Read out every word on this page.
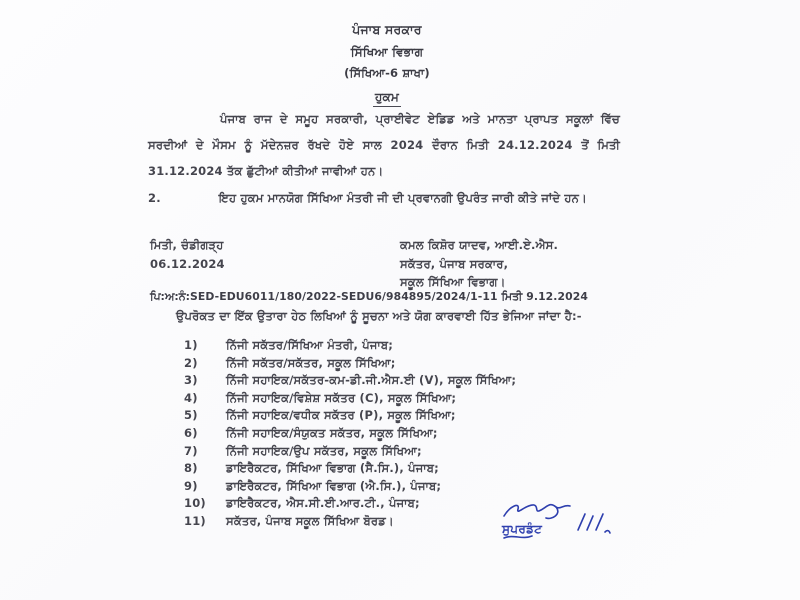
ਪੰਜਾਬ ਸਰਕਾਰ
ਸਿੱਖਿਆ ਵਿਭਾਗ
(ਸਿੱਖਿਆ-6 ਸ਼ਾਖਾ)
ਹੁਕਮ

ਪੰਜਾਬ ਰਾਜ ਦੇ ਸਮੂਹ ਸਰਕਾਰੀ, ਪ੍ਰਾਈਵੇਟ ਏਡਿਡ ਅਤੇ ਮਾਨਤਾ ਪ੍ਰਾਪਤ ਸਕੂਲਾਂ ਵਿੱਚ ਸਰਦੀਆਂ ਦੇ ਮੌਸਮ ਨੂੰ ਮੱਦੇਨਜ਼ਰ ਰੱਖਦੇ ਹੋਏ ਸਾਲ 2024 ਦੌਰਾਨ ਮਿਤੀ 24.12.2024 ਤੋਂ ਮਿਤੀ 31.12.2024 ਤੱਕ ਛੁੱਟੀਆਂ ਕੀਤੀਆਂ ਜਾਵੀਆਂ ਹਨ।

2.	ਇਹ ਹੁਕਮ ਮਾਨਯੋਗ ਸਿੱਖਿਆ ਮੰਤਰੀ ਜੀ ਦੀ ਪ੍ਰਵਾਨਗੀ ਉਪਰੰਤ ਜਾਰੀ ਕੀਤੇ ਜਾਂਦੇ ਹਨ।

ਮਿਤੀ, ਚੰਡੀਗੜ੍ਹ
06.12.2024
ਕਮਲ ਕਿਸ਼ੋਰ ਯਾਦਵ, ਆਈ.ਏ.ਐਸ.
ਸਕੱਤਰ, ਪੰਜਾਬ ਸਰਕਾਰ,
ਸਕੂਲ ਸਿੱਖਿਆ ਵਿਭਾਗ।
ਪਿ:ਅ:ਨੰ:SED-EDU6011/180/2022-SEDU6/984895/2024/1-11 ਮਿਤੀ 9.12.2024

ਉਪਰੋਕਤ ਦਾ ਇੱਕ ਉਤਾਰਾ ਹੇਠ ਲਿਖਿਆਂ ਨੂੰ ਸੂਚਨਾ ਅਤੇ ਯੋਗ ਕਾਰਵਾਈ ਹਿੱਤ ਭੇਜਿਆ ਜਾਂਦਾ ਹੈ:-

1)	ਨਿੱਜੀ ਸਕੱਤਰ/ਸਿੱਖਿਆ ਮੰਤਰੀ, ਪੰਜਾਬ;
2)	ਨਿੱਜੀ ਸਕੱਤਰ/ਸਕੱਤਰ, ਸਕੂਲ ਸਿੱਖਿਆ;
3)	ਨਿੱਜੀ ਸਹਾਇਕ/ਸਕੱਤਰ-ਕਮ-ਡੀ.ਜੀ.ਐਸ.ਈ (V), ਸਕੂਲ ਸਿੱਖਿਆ;
4)	ਨਿੱਜੀ ਸਹਾਇਕ/ਵਿਸ਼ੇਸ਼ ਸਕੱਤਰ (C), ਸਕੂਲ ਸਿੱਖਿਆ;
5)	ਨਿੱਜੀ ਸਹਾਇਕ/ਵਧੀਕ ਸਕੱਤਰ (P), ਸਕੂਲ ਸਿੱਖਿਆ;
6)	ਨਿੱਜੀ ਸਹਾਇਕ/ਸੰਯੁਕਤ ਸਕੱਤਰ, ਸਕੂਲ ਸਿੱਖਿਆ;
7)	ਨਿੱਜੀ ਸਹਾਇਕ/ਉਪ ਸਕੱਤਰ, ਸਕੂਲ ਸਿੱਖਿਆ;
8)	ਡਾਇਰੈਕਟਰ, ਸਿੱਖਿਆ ਵਿਭਾਗ (ਸੈ.ਸਿ.), ਪੰਜਾਬ;
9)	ਡਾਇਰੈਕਟਰ, ਸਿੱਖਿਆ ਵਿਭਾਗ (ਐ.ਸਿ.), ਪੰਜਾਬ;
10)	ਡਾਇਰੈਕਟਰ, ਐਸ.ਸੀ.ਈ.ਆਰ.ਟੀ., ਪੰਜਾਬ;
11)	ਸਕੱਤਰ, ਪੰਜਾਬ ਸਕੂਲ ਸਿੱਖਿਆ ਬੋਰਡ।
ਸੁਪਰਡੰਟ
